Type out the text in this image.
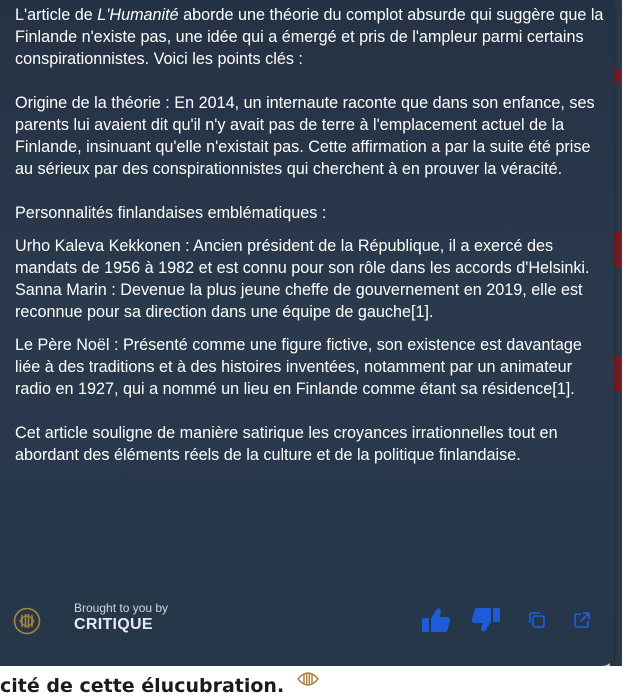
L'article de L'Humanité aborde une théorie du complot absurde qui suggère que la Finlande n'existe pas, une idée qui a émergé et pris de l'ampleur parmi certains conspirationnistes. Voici les points clés :

Origine de la théorie : En 2014, un internaute raconte que dans son enfance, ses parents lui avaient dit qu'il n'y avait pas de terre à l'emplacement actuel de la Finlande, insinuant qu'elle n'existait pas. Cette affirmation a par la suite été prise au sérieux par des conspirationnistes qui cherchent à en prouver la véracité.

Personnalités finlandaises emblématiques :

Urho Kaleva Kekkonen : Ancien président de la République, il a exercé des mandats de 1956 à 1982 et est connu pour son rôle dans les accords d'Helsinki.

Sanna Marin : Devenue la plus jeune cheffe de gouvernement en 2019, elle est reconnue pour sa direction dans une équipe de gauche[1].

Le Père Noël : Présenté comme une figure fictive, son existence est davantage liée à des traditions et à des histoires inventées, notamment par un animateur radio en 1927, qui a nommé un lieu en Finlande comme étant sa résidence[1].

Cet article souligne de manière satirique les croyances irrationnelles tout en abordant des éléments réels de la culture et de la politique finlandaise.

Brought to you by
CRITIQUE
cité de cette élucubration.
